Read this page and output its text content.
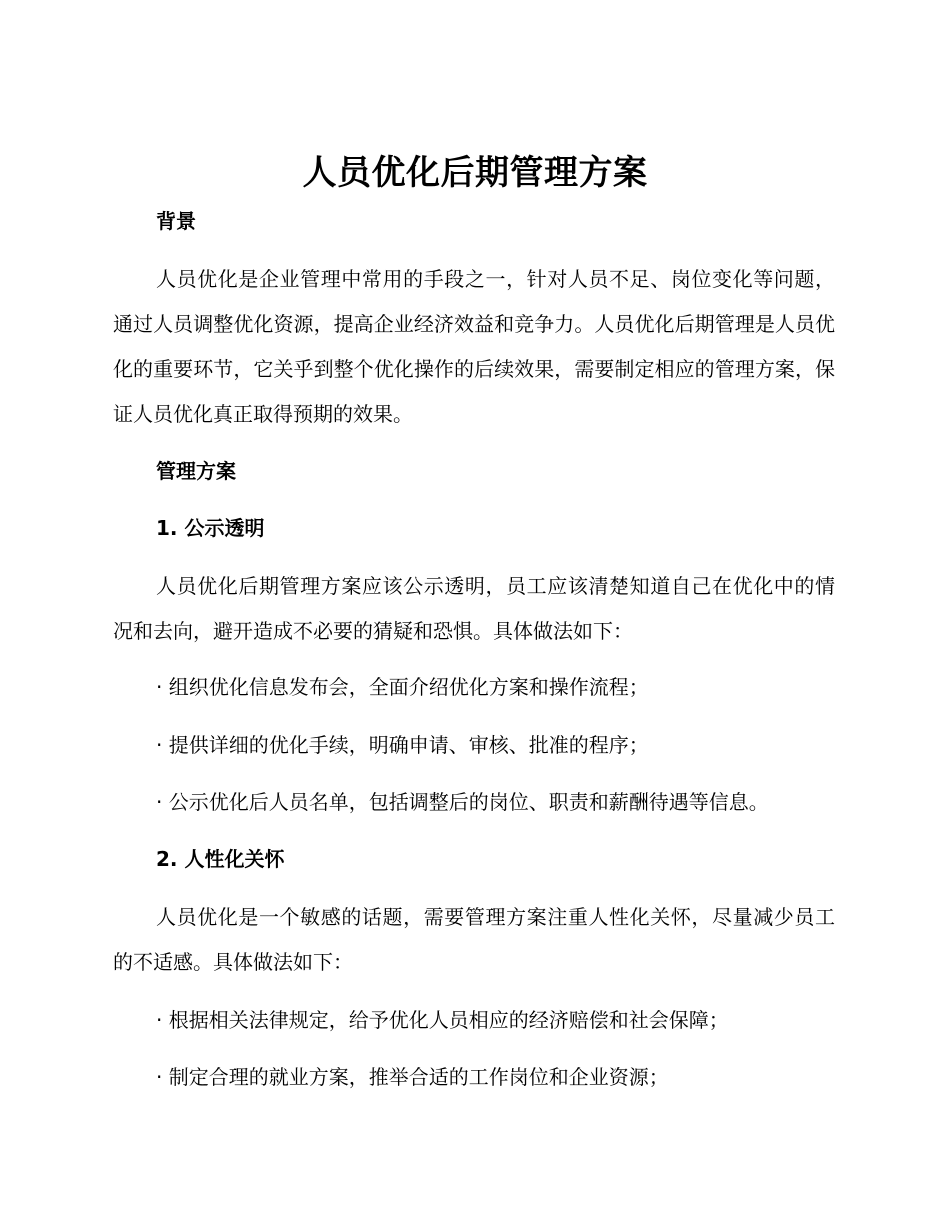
人员优化后期管理方案
背景

人员优化是企业管理中常用的手段之一，针对人员不足、岗位变化等问题，通过人员调整优化资源，提高企业经济效益和竞争力。人员优化后期管理是人员优化的重要环节，它关乎到整个优化操作的后续效果，需要制定相应的管理方案，保证人员优化真正取得预期的效果。

管理方案
1. 公示透明

人员优化后期管理方案应该公示透明，员工应该清楚知道自己在优化中的情况和去向，避开造成不必要的猜疑和恐惧。具体做法如下：

· 组织优化信息发布会，全面介绍优化方案和操作流程；
· 提供详细的优化手续，明确申请、审核、批准的程序；
· 公示优化后人员名单，包括调整后的岗位、职责和薪酬待遇等信息。
2. 人性化关怀

人员优化是一个敏感的话题，需要管理方案注重人性化关怀，尽量减少员工的不适感。具体做法如下：

· 根据相关法律规定，给予优化人员相应的经济赔偿和社会保障；
· 制定合理的就业方案，推举合适的工作岗位和企业资源；
